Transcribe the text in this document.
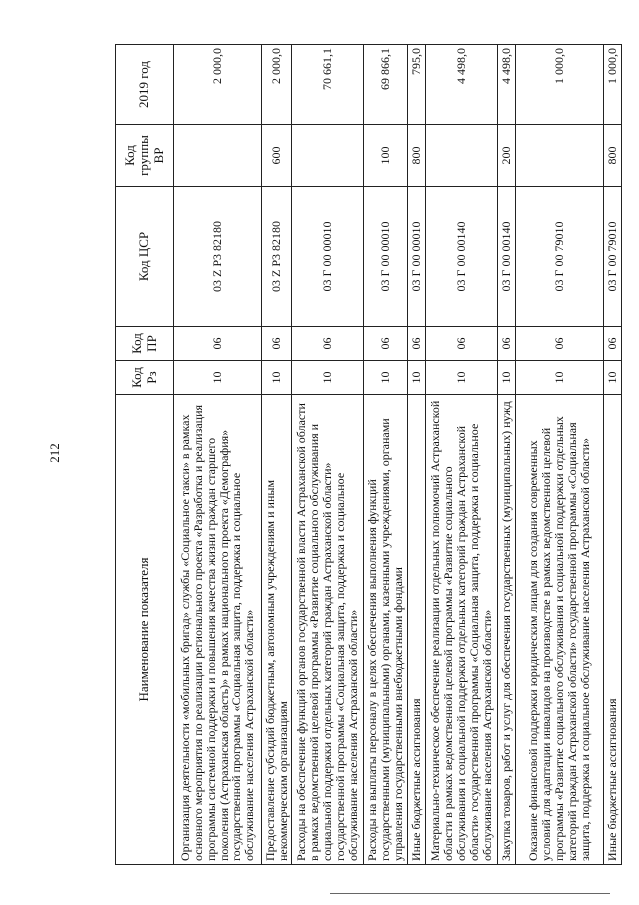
212
Наименование показателя	Код Рз	Код ПР	Код ЦСР	Код группы ВР	2019 год
Организация деятельности «мобильных бригад» службы «Социальное такси» в рамках основного мероприятия по реализации регионального проекта «Разработка и реализация программы системной поддержки и повышения качества жизни граждан старшего поколения (Астраханская область)» в рамках национального проекта «Демография» государственной программы «Социальная защита, поддержка и социальное обслуживание населения Астраханской области»	10	06	03 Z P3 82180		2 000,0
Предоставление субсидий бюджетным, автономным учреждениям и иным некоммерческим организациям	10	06	03 Z P3 82180	600	2 000,0
Расходы на обеспечение функций органов государственной власти Астраханской области в рамках ведомственной целевой программы «Развитие социального обслуживания и социальной поддержки отдельных категорий граждан Астраханской области» государственной программы «Социальная защита, поддержка и социальное обслуживание населения Астраханской области»	10	06	03 Г 00 00010		70 661,1
Расходы на выплаты персоналу в целях обеспечения выполнения функций государственными (муниципальными) органами, казенными учреждениями, органами управления государственными внебюджетными фондами	10	06	03 Г 00 00010	100	69 866,1
Иные бюджетные ассигнования	10	06	03 Г 00 00010	800	795,0
Материально-техническое обеспечение реализации отдельных полномочий Астраханской области в рамках ведомственной целевой программы «Развитие социального обслуживания и социальной поддержки отдельных категорий граждан Астраханской области» государственной программы «Социальная защита, поддержка и социальное обслуживание населения Астраханской области»	10	06	03 Г 00 00140		4 498,0
Закупка товаров, работ и услуг для обеспечения государственных (муниципальных) нужд	10	06	03 Г 00 00140	200	4 498,0
Оказание финансовой поддержки юридическим лицам для создания современных условий для адаптации инвалидов на производстве в рамках ведомственной целевой программы «Развитие социального обслуживания и социальной поддержки отдельных категорий граждан Астраханской области» государственной программы «Социальная защита, поддержка и социальное обслуживание населения Астраханской области»	10	06	03 Г 00 79010		1 000,0
Иные бюджетные ассигнования	10	06	03 Г 00 79010	800	1 000,0
